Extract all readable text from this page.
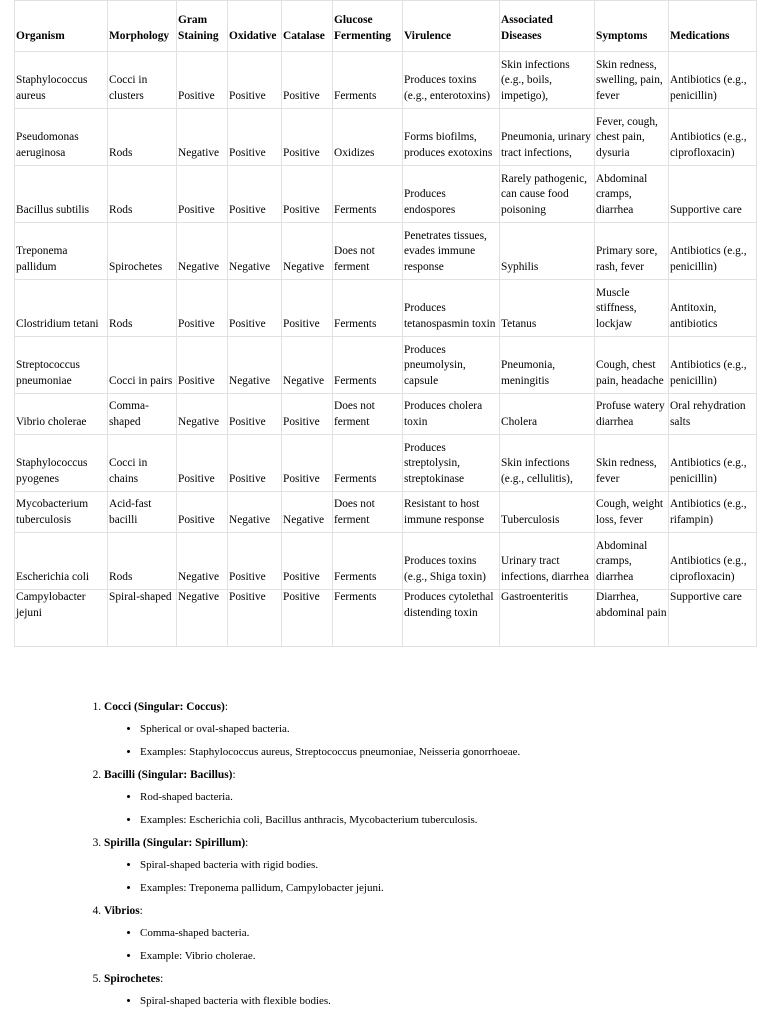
Organism	Morphology	Gram Staining	Oxidative	Catalase	Glucose Fermenting	Virulence	Associated Diseases	Symptoms	Medications
Staphylococcus aureus	Cocci in clusters	Positive	Positive	Positive	Ferments	Produces toxins (e.g., enterotoxins)	Skin infections (e.g., boils, impetigo),	Skin redness, swelling, pain, fever	Antibiotics (e.g., penicillin)
Pseudomonas aeruginosa	Rods	Negative	Positive	Positive	Oxidizes	Forms biofilms, produces exotoxins	Pneumonia, urinary tract infections,	Fever, cough, chest pain, dysuria	Antibiotics (e.g., ciprofloxacin)
Bacillus subtilis	Rods	Positive	Positive	Positive	Ferments	Produces endospores	Rarely pathogenic, can cause food poisoning	Abdominal cramps, diarrhea	Supportive care
Treponema pallidum	Spirochetes	Negative	Negative	Negative	Does not ferment	Penetrates tissues, evades immune response	Syphilis	Primary sore, rash, fever	Antibiotics (e.g., penicillin)
Clostridium tetani	Rods	Positive	Positive	Positive	Ferments	Produces tetanospasmin toxin	Tetanus	Muscle stiffness, lockjaw	Antitoxin, antibiotics
Streptococcus pneumoniae	Cocci in pairs	Positive	Negative	Negative	Ferments	Produces pneumolysin, capsule	Pneumonia, meningitis	Cough, chest pain, headache	Antibiotics (e.g., penicillin)
Vibrio cholerae	Comma-shaped	Negative	Positive	Positive	Does not ferment	Produces cholera toxin	Cholera	Profuse watery diarrhea	Oral rehydration salts
Staphylococcus pyogenes	Cocci in chains	Positive	Positive	Positive	Ferments	Produces streptolysin, streptokinase	Skin infections (e.g., cellulitis),	Skin redness, fever	Antibiotics (e.g., penicillin)
Mycobacterium tuberculosis	Acid-fast bacilli	Positive	Negative	Negative	Does not ferment	Resistant to host immune response	Tuberculosis	Cough, weight loss, fever	Antibiotics (e.g., rifampin)
Escherichia coli	Rods	Negative	Positive	Positive	Ferments	Produces toxins (e.g., Shiga toxin)	Urinary tract infections, diarrhea	Abdominal cramps, diarrhea	Antibiotics (e.g., ciprofloxacin)
Campylobacter jejuni	Spiral-shaped	Negative	Positive	Positive	Ferments	Produces cytolethal distending toxin	Gastroenteritis	Diarrhea, abdominal pain	Supportive care
1. Cocci (Singular: Coccus):
• Spherical or oval-shaped bacteria.
• Examples: Staphylococcus aureus, Streptococcus pneumoniae, Neisseria gonorrhoeae.
2. Bacilli (Singular: Bacillus):
• Rod-shaped bacteria.
• Examples: Escherichia coli, Bacillus anthracis, Mycobacterium tuberculosis.
3. Spirilla (Singular: Spirillum):
• Spiral-shaped bacteria with rigid bodies.
• Examples: Treponema pallidum, Campylobacter jejuni.
4. Vibrios:
• Comma-shaped bacteria.
• Example: Vibrio cholerae.
5. Spirochetes:
• Spiral-shaped bacteria with flexible bodies.
